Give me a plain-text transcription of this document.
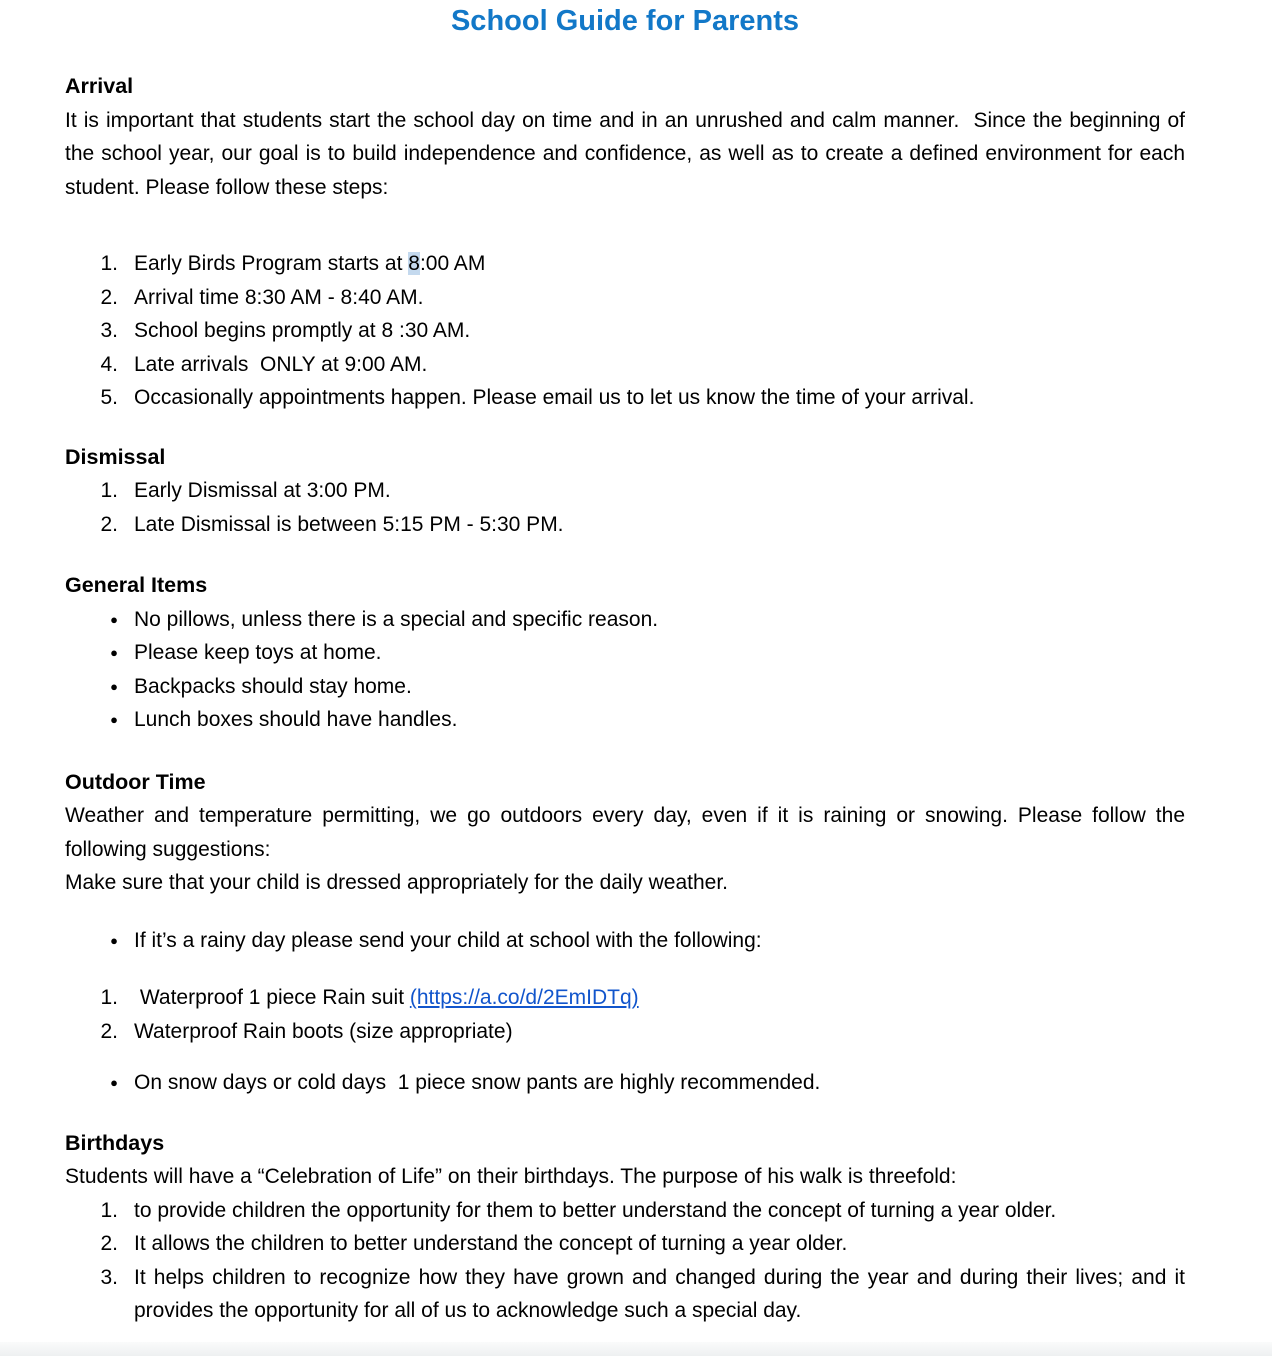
School Guide for Parents
Arrival

It is important that students start the school day on time and in an unrushed and calm manner.  Since the beginning of the school year, our goal is to build independence and confidence, as well as to create a defined environment for each student. Please follow these steps:

1. Early Birds Program starts at 8:00 AM
2. Arrival time 8:30 AM - 8:40 AM.
3. School begins promptly at 8 :30 AM.
4. Late arrivals  ONLY at 9:00 AM.
5. Occasionally appointments happen. Please email us to let us know the time of your arrival.
Dismissal
1. Early Dismissal at 3:00 PM.
2. Late Dismissal is between 5:15 PM - 5:30 PM.
General Items
● No pillows, unless there is a special and specific reason.
● Please keep toys at home.
● Backpacks should stay home.
● Lunch boxes should have handles.
Outdoor Time

Weather and temperature permitting, we go outdoors every day, even if it is raining or snowing. Please follow the following suggestions:

Make sure that your child is dressed appropriately for the daily weather.

● If it’s a rainy day please send your child at school with the following:
1. Waterproof 1 piece Rain suit (https://a.co/d/2EmIDTq)
2. Waterproof Rain boots (size appropriate)
● On snow days or cold days  1 piece snow pants are highly recommended.
Birthdays

Students will have a “Celebration of Life” on their birthdays. The purpose of his walk is threefold:

1. to provide children the opportunity for them to better understand the concept of turning a year older.
2. It allows the children to better understand the concept of turning a year older.
3. It helps children to recognize how they have grown and changed during the year and during their lives; and it provides the opportunity for all of us to acknowledge such a special day.
